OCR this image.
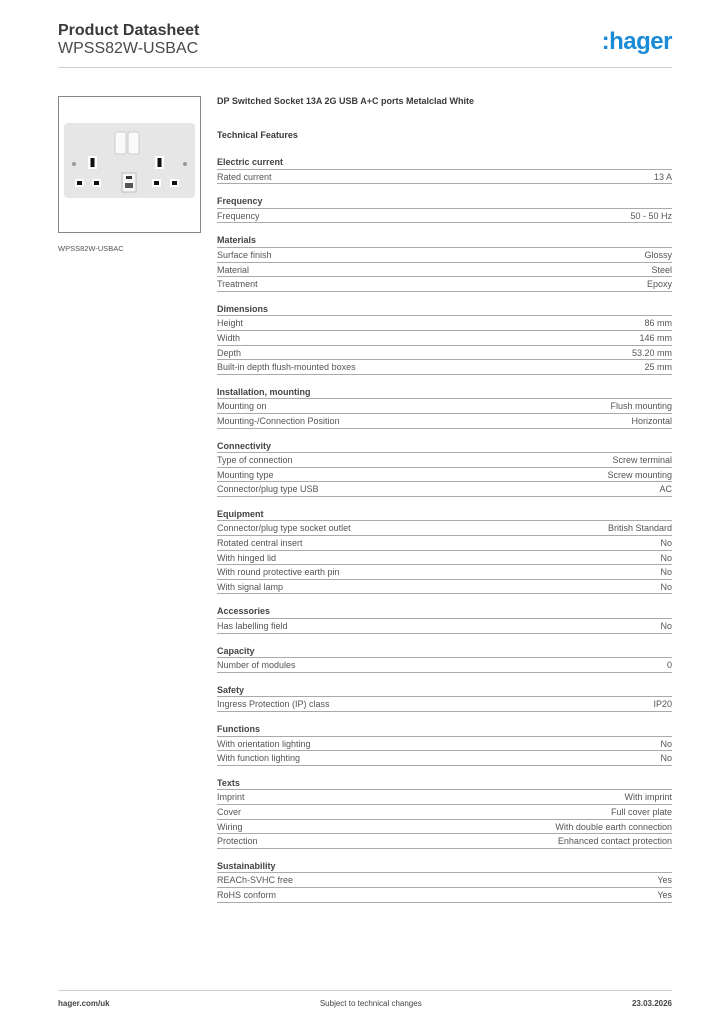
Product Datasheet
WPSS82W-USBAC	:hager
WPSS82W-USBAC
DP Switched Socket 13A 2G USB A+C ports Metalclad White
Technical Features
Electric current
Rated current	13 A
Frequency
Frequency	50 - 50 Hz
Materials
Surface finish	Glossy
Material	Steel
Treatment	Epoxy
Dimensions
Height	86 mm
Width	146 mm
Depth	53.20 mm
Built-in depth flush-mounted boxes	25 mm
Installation, mounting
Mounting on	Flush mounting
Mounting-/Connection Position	Horizontal
Connectivity
Type of connection	Screw terminal
Mounting type	Screw mounting
Connector/plug type USB	AC
Equipment
Connector/plug type socket outlet	British Standard
Rotated central insert	No
With hinged lid	No
With round protective earth pin	No
With signal lamp	No
Accessories
Has labelling field	No
Capacity
Number of modules	0
Safety
Ingress Protection (IP) class	IP20
Functions
With orientation lighting	No
With function lighting	No
Texts
Imprint	With imprint
Cover	Full cover plate
Wiring	With double earth connection
Protection	Enhanced contact protection
Sustainability
REACh-SVHC free	Yes
RoHS conform	Yes
hager.com/uk	Subject to technical changes	23.03.2026
